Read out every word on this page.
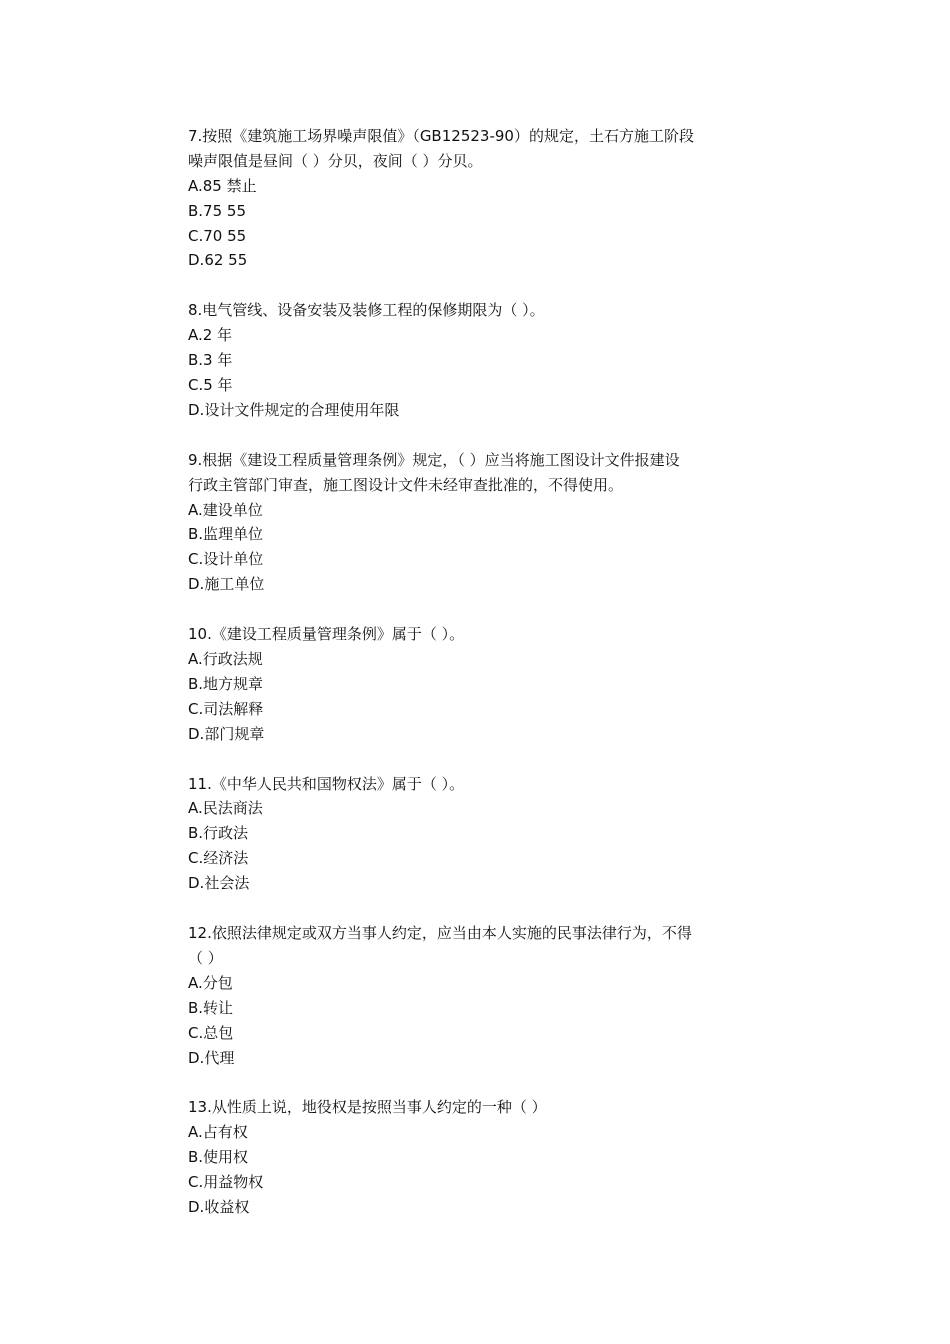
7.按照《建筑施工场界噪声限值》（GB12523-90）的规定，土石方施工阶段
噪声限值是昼间（ ）分贝，夜间（ ）分贝。
A.85 禁止
B.75 55
C.70 55
D.62 55
8.电气管线、设备安装及装修工程的保修期限为（ ）。
A.2 年
B.3 年
C.5 年
D.设计文件规定的合理使用年限
9.根据《建设工程质量管理条例》规定，（ ）应当将施工图设计文件报建设
行政主管部门审查，施工图设计文件未经审查批准的，不得使用。
A.建设单位
B.监理单位
C.设计单位
D.施工单位
10.《建设工程质量管理条例》属于（ ）。
A.行政法规
B.地方规章
C.司法解释
D.部门规章
11.《中华人民共和国物权法》属于（ ）。
A.民法商法
B.行政法
C.经济法
D.社会法
12.依照法律规定或双方当事人约定，应当由本人实施的民事法律行为，不得
（ ）
A.分包
B.转让
C.总包
D.代理
13.从性质上说，地役权是按照当事人约定的一种（ ）
A.占有权
B.使用权
C.用益物权
D.收益权
